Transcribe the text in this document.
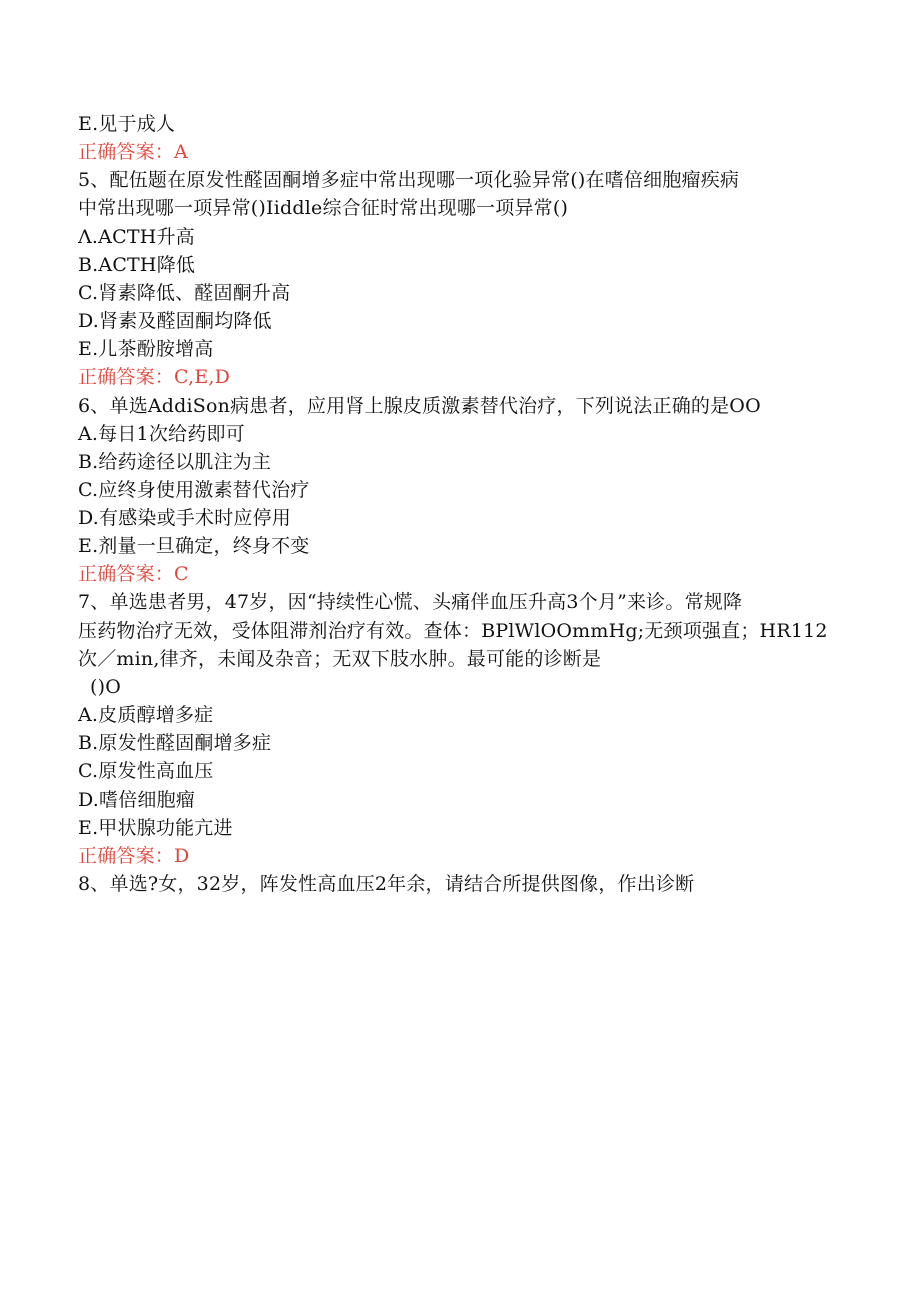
E.见于成人
正确答案：A
5、配伍题在原发性醛固酮增多症中常出现哪一项化验异常()在嗜倍细胞瘤疾病
中常出现哪一项异常()Iiddle综合征时常出现哪一项异常()
Λ.ACTH升高
B.ACTH降低
C.肾素降低、醛固酮升高
D.肾素及醛固酮均降低
E.儿茶酚胺增高
正确答案：C,E,D
6、单选AddiSon病患者，应用肾上腺皮质激素替代治疗，下列说法正确的是OO
A.每日1次给药即可
B.给药途径以肌注为主
C.应终身使用激素替代治疗
D.有感染或手术时应停用
E.剂量一旦确定，终身不变
正确答案：C
7、单选患者男，47岁，因“持续性心慌、头痛伴血压升高3个月”来诊。常规降
压药物治疗无效，受体阻滞剂治疗有效。查体：BPlWlOOmmHg;无颈项强直；HR112
次／min,律齐，未闻及杂音；无双下肢水肿。最可能的诊断是
()O
A.皮质醇增多症
B.原发性醛固酮增多症
C.原发性高血压
D.嗜倍细胞瘤
E.甲状腺功能亢进
正确答案：D
8、单选?女，32岁，阵发性高血压2年余，请结合所提供图像，作出诊断
